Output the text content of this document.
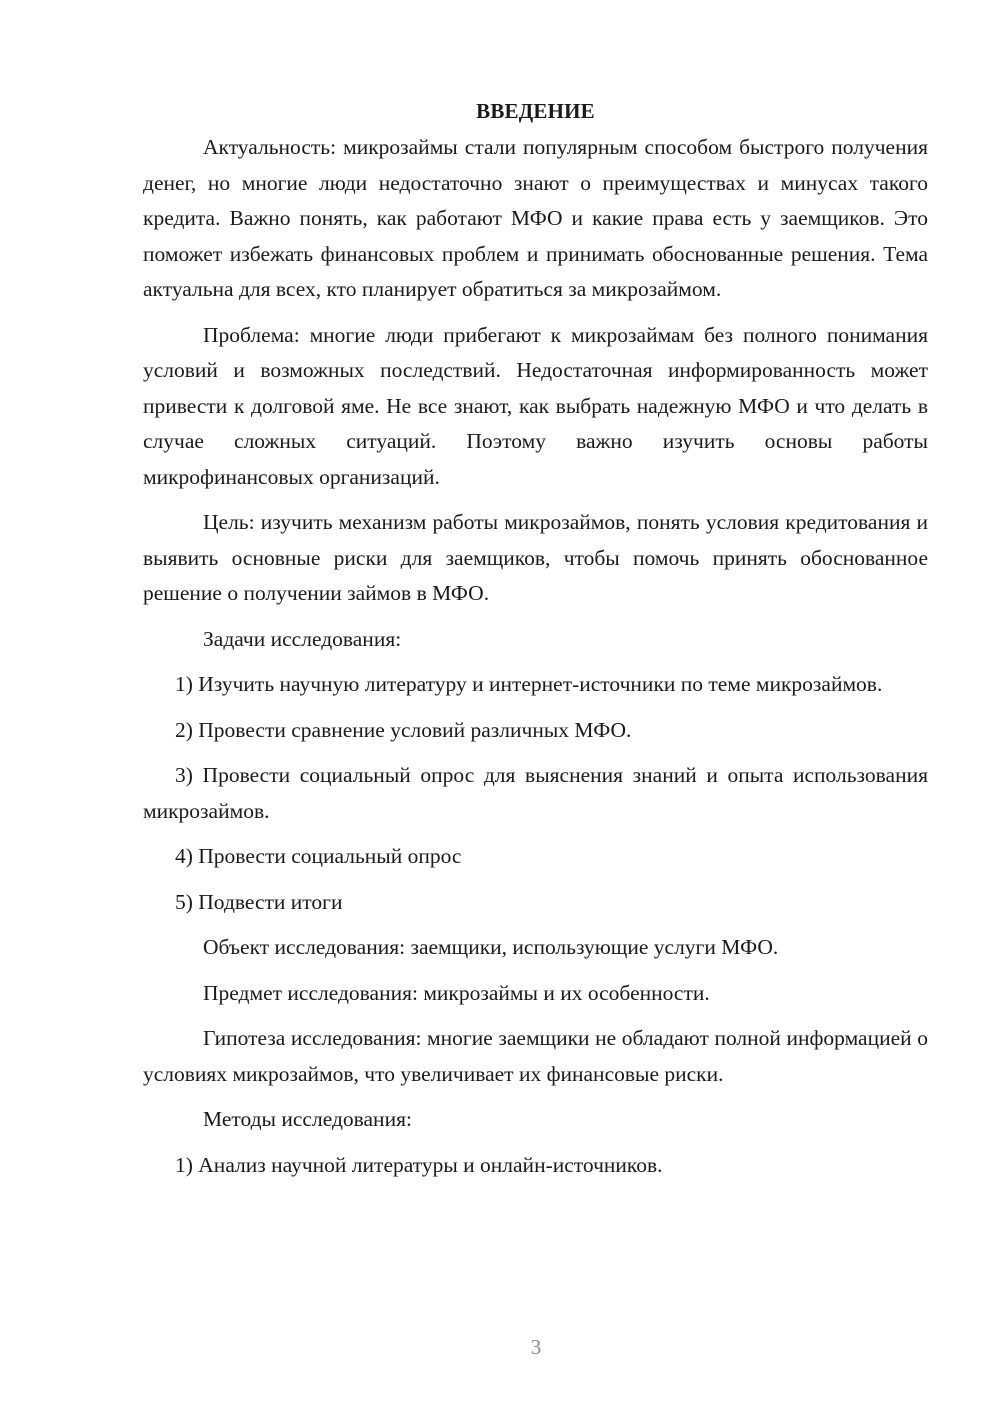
ВВЕДЕНИЕ

Актуальность: микрозаймы стали популярным способом быстрого получения денег, но многие люди недостаточно знают о преимуществах и минусах такого кредита. Важно понять, как работают МФО и какие права есть у заемщиков. Это поможет избежать финансовых проблем и принимать обоснованные решения. Тема актуальна для всех, кто планирует обратиться за микрозаймом.

Проблема: многие люди прибегают к микрозаймам без полного понимания условий и возможных последствий. Недостаточная информированность может привести к долговой яме. Не все знают, как выбрать надежную МФО и что делать в случае сложных ситуаций. Поэтому важно изучить основы работы микрофинансовых организаций.

Цель: изучить механизм работы микрозаймов, понять условия кредитования и выявить основные риски для заемщиков, чтобы помочь принять обоснованное решение о получении займов в МФО.

Задачи исследования:

1) Изучить научную литературу и интернет-источники по теме микрозаймов.

2) Провести сравнение условий различных МФО.

3) Провести социальный опрос для выяснения знаний и опыта использования микрозаймов.

4) Провести социальный опрос

5) Подвести итоги

Объект исследования: заемщики, использующие услуги МФО.

Предмет исследования: микрозаймы и их особенности.

Гипотеза исследования: многие заемщики не обладают полной информацией о условиях микрозаймов, что увеличивает их финансовые риски.

Методы исследования:

1) Анализ научной литературы и онлайн-источников.

3
